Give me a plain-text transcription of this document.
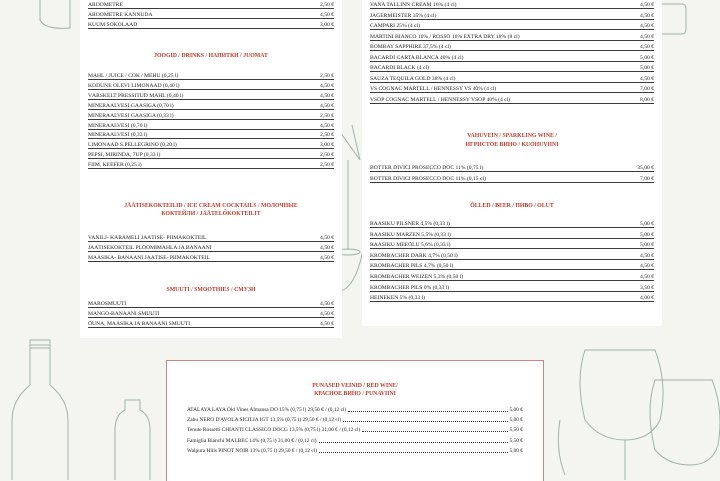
AROOMETRE	2,50 €
AROOMETRE KANNUDA	4,50 €
KUUM ŠOKOLAAD	3,00 €
JOOGID / DRINKS / НАПИТКИ / JUOMAT
MAHL / JUICE / СОК / MEHU (0,25 l)	2,50 €
KODUNE OLEVI LIMONAAD (0,40 l)	4,50 €
VÄRSKELT PRESSITUD MAHL (0,40 l)	4,50 €
MINERAALVESI GAASIGA (0,70 l)	4,50 €
MINERAALVESI GAASIGA (0,33 l)	2,50 €
MINERAALVESI (0,70 l)	4,50 €
MINERAALVESI (0,33 l)	2,50 €
LIMONAAD S.PELLEGRINO (0,20 l)	3,00 €
PEPSI, MIRINDA, 7UP (0,33 l)	2,50 €
FIIM, KEEFER (0,25 l)	2,50 €
JÄÄTISEKOKTEILID / ICE CREAM COCKTAILS / МОЛОЧНЫЕ
КОКТЕЙЛИ / JÄÄTELÖKOKTEILIT
VANILJ- KARAMELI JÄÄTISE- PIIMAKOKTEIL	4,50 €
JÄÄTISEKOKTEIL PLOOMIMAHLA JA BANAANI	4,50 €
MAASIKA- BANAANI JÄÄTISE- PIIMAKOKTEIL	4,50 €
SMUUTI / SMOOTHIES / СМУЗИ
MAROSMUUTI	4,50 €
MANGO-BANAANI SMUUTI	4,50 €
ÕUNA, MAASIKA JA BANAANI SMUUTI	4,50 €
VANA TALLINN CREAM 16% (4 cl)	4,50 €
JÄGERMEISTER 35% (4 cl)	4,50 €
CAMPARI 25% (4 cl)	4,50 €
MARTINI BIANCO 16% / ROSSO 16% EXTRA DRY 18% (8 cl)	4,50 €
BOMBAY SAPPHIRE 37,5% (4 cl)	4,50 €
BACARDI CARTA BLANCA 40% (4 cl)	5,00 €
BACARDI BLACK (4 cl)	5,00 €
SAUZA TEQUILA GOLD 38% (4 cl)	4,50 €
VS COGNAC MARTELL / HENNESSY VS 40% (4 cl)	7,00 €
VSOP COGNAC MARTELL / HENNESSY VSOP 40% (4 cl)	8,00 €
VAHUVEIN / SPARKLING WINE /
ИГРИСТОЕ ВИНО / KUOHUVIINI
BOTTER DIVICI PROSECCO DOC 11% (0,75 l)	35,00 €
BOTTER DIVICI PROSECCO DOC 11% (0,15 cl)	7,00 €
ÕLLED / BEER / ПИВО / OLUT
RAASIKU PILSNER 4,5% (0,33 l)	5,00 €
RAASIKU MÄRZEN 5,5% (0,33 l)	5,00 €
RAASIKU MEEÕLU 5,6% (0,33 l)	5,00 €
KROMBACHER DARK 4,7% (0,50 l)	4,50 €
KROMBACHER PILS 4,7% (0,50 l)	4,50 €
KROMBACHER WEIZEN 5,3% (0,50 l)	4,50 €
KROMBACHER PILS 0% (0,33 l)	3,50 €
HEINEKEN 5% (0,33 l)	4,00 €
PUNASED VEINID / RED WINE/
КРАСНОЕ ВИНО / PUNAVIINI
ATALAYA LAYA Old Vines Almansa DO 15% (0,75 l) 29,50 € / (0,12 cl)	5,00 €
Zabu NERO D'AVOLA SICILIA IGT 13,5% (0,75 l) 29,50 € / (0,12 cl)	5,00 €
Tenute Rossetti CHIANTI CLASSICO DOCG 13,5% (0,75 l) 31,00 € / (0,12 cl)	5,50 €
Famiglia Bianchi MALBEC 14% (0,75 l) 31,00 € / (0,12 cl)	5,50 €
Walpura Hills PINOT NOIR 13% (0,75 l) 29,50 € / (0,12 cl)	5,00 €
